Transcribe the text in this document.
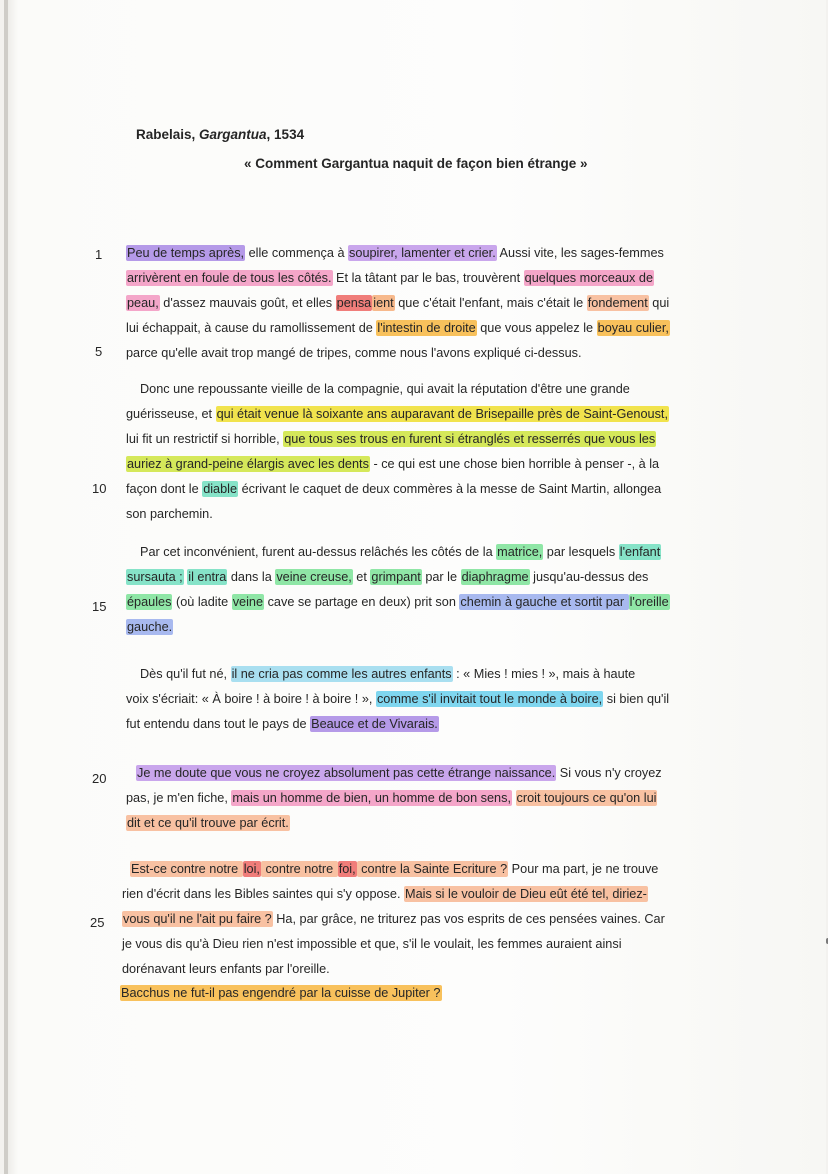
Rabelais, Gargantua, 1534
« Comment Gargantua naquit de façon bien étrange »
1
5
10
15
20
25
Peu de temps après, elle commença à soupirer, lamenter et crier. Aussi vite, les sages-femmes
arrivèrent en foule de tous les côtés. Et la tâtant par le bas, trouvèrent quelques morceaux de
peau, d'assez mauvais goût, et elles pensa ient que c'était l'enfant, mais c'était le fondement qui
lui échappait, à cause du ramollissement de l'intestin de droite que vous appelez le boyau culier,
parce qu'elle avait trop mangé de tripes, comme nous l'avons expliqué ci-dessus.
Donc une repoussante vieille de la compagnie, qui avait la réputation d'être une grande
guérisseuse, et qui était venue là soixante ans auparavant de Brisepaille près de Saint-Genoust,
lui fit un restrictif si horrible, que tous ses trous en furent si étranglés et resserrés que vous les
auriez à grand-peine élargis avec les dents - ce qui est une chose bien horrible à penser -, à la
façon dont le diable écrivant le caquet de deux commères à la messe de Saint Martin, allongea
son parchemin.
Par cet inconvénient, furent au-dessus relâchés les côtés de la matrice, par lesquels l'enfant
sursauta ; il entra dans la veine creuse, et grimpant par le diaphragme jusqu'au-dessus des
épaules (où ladite veine cave se partage en deux) prit son chemin à gauche et sortit par l'oreille
gauche.
Dès qu'il fut né, il ne cria pas comme les autres enfants : « Mies ! mies ! », mais à haute
voix s'écriait: « À boire ! à boire ! à boire ! », comme s'il invitait tout le monde à boire, si bien qu'il
fut entendu dans tout le pays de Beauce et de Vivarais.
Je me doute que vous ne croyez absolument pas cette étrange naissance. Si vous n'y croyez
pas, je m'en fiche, mais un homme de bien, un homme de bon sens, croit toujours ce qu'on lui
dit et ce qu'il trouve par écrit.
Est-ce contre notre loi, contre notre foi, contre la Sainte Ecriture ? Pour ma part, je ne trouve
rien d'écrit dans les Bibles saintes qui s'y oppose. Mais si le vouloir de Dieu eût été tel, diriez-
vous qu'il ne l'ait pu faire ? Ha, par grâce, ne triturez pas vos esprits de ces pensées vaines. Car
je vous dis qu'à Dieu rien n'est impossible et que, s'il le voulait, les femmes auraient ainsi
dorénavant leurs enfants par l'oreille.
Bacchus ne fut-il pas engendré par la cuisse de Jupiter ?
